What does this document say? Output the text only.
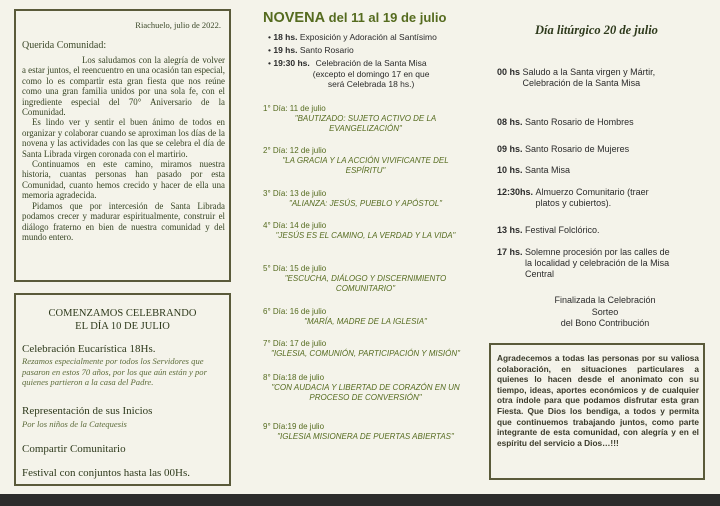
Riachuelo, julio de 2022.
Querida Comunidad:

Los saludamos con la alegría de volver a estar juntos, el reencuentro en una ocasión tan especial, como lo es compartir esta gran fiesta que nos reúne como una gran familia unidos por una sola fe, con el ingrediente especial del 70° Aniversario de la Comunidad.

Es lindo ver y sentir el buen ánimo de todos en organizar y colaborar cuando se aproximan los días de la novena y las actividades con las que se celebra el día de Santa Librada virgen coronada con el martirio.

Continuamos en este camino, miramos nuestra historia, cuantas personas han pasado por esta Comunidad, cuanto hemos crecido y hacer de ella una memoria agradecida.

Pidamos que por intercesión de Santa Librada podamos crecer y madurar espiritualmente, construir el diálogo fraterno en bien de nuestra comunidad y del mundo entero.

COMENZAMOS CELEBRANDO
EL DÍA 10 DE JULIO
Celebración Eucarística 18Hs.
Rezamos especialmente por todos los Servidores que pasaron en estos 70 años, por los que aún están y por quienes partieron a la casa del Padre.
Representación de sus Inicios
Por los niños de la Catequesis
Compartir Comunitario
Festival con conjuntos hasta las 00Hs.
NOVENA del 11 al 19 de julio
• 18 hs. Exposición y Adoración al Santísimo
• 19 hs. Santo Rosario
• 19:30 hs. Celebración de la Santa Misa (excepto el domingo 17 en que será Celebrada 18 hs.)
1° Día: 11 de julio
"BAUTIZADO: SUJETO ACTIVO DE LA EVANGELIZACIÓN"
2° Día: 12 de julio
"LA GRACIA Y LA ACCIÓN VIVIFICANTE DEL ESPÍRITU"
3° Día: 13 de julio
"ALIANZA: JESÚS, PUEBLO Y APÓSTOL"
4° Día: 14 de julio
"JESÚS ES EL CAMINO, LA VERDAD Y LA VIDA"
5° Día: 15 de julio
"ESCUCHA, DIÁLOGO Y DISCERNIMIENTO COMUNITARIO"
6° Día: 16 de julio
"MARÍA, MADRE DE LA IGLESIA"
7° Día: 17 de julio
"IGLESIA, COMUNIÓN, PARTICIPACIÓN Y MISIÓN"
8° Día:18 de julio
"CON AUDACIA Y LIBERTAD DE CORAZÓN EN UN PROCESO DE CONVERSIÓN"
9° Día:19 de julio
"IGLESIA MISIONERA DE PUERTAS ABIERTAS"
Día litúrgico 20 de julio
00 hs Saludo a la Santa virgen y Mártir, Celebración de la Santa Misa
08 hs. Santo Rosario de Hombres
09 hs. Santo Rosario de Mujeres
10 hs. Santa Misa
12:30hs. Almuerzo Comunitario (traer platos y cubiertos).
13 hs. Festival Folclórico.
17 hs. Solemne procesión por las calles de la localidad y celebración de la Misa Central
Finalizada la Celebración
Sorteo
del Bono Contribución
Agradecemos a todas las personas por su valiosa colaboración, en situaciones particulares a quienes lo hacen desde el anonimato con su tiempo, ideas, aportes económicos y de cualquier otra índole para que podamos disfrutar esta gran Fiesta. Que Dios los bendiga, a todos y permita que continuemos trabajando juntos, como parte integrante de esta comunidad, con alegría y en el espíritu del servicio a Dios…!!!
